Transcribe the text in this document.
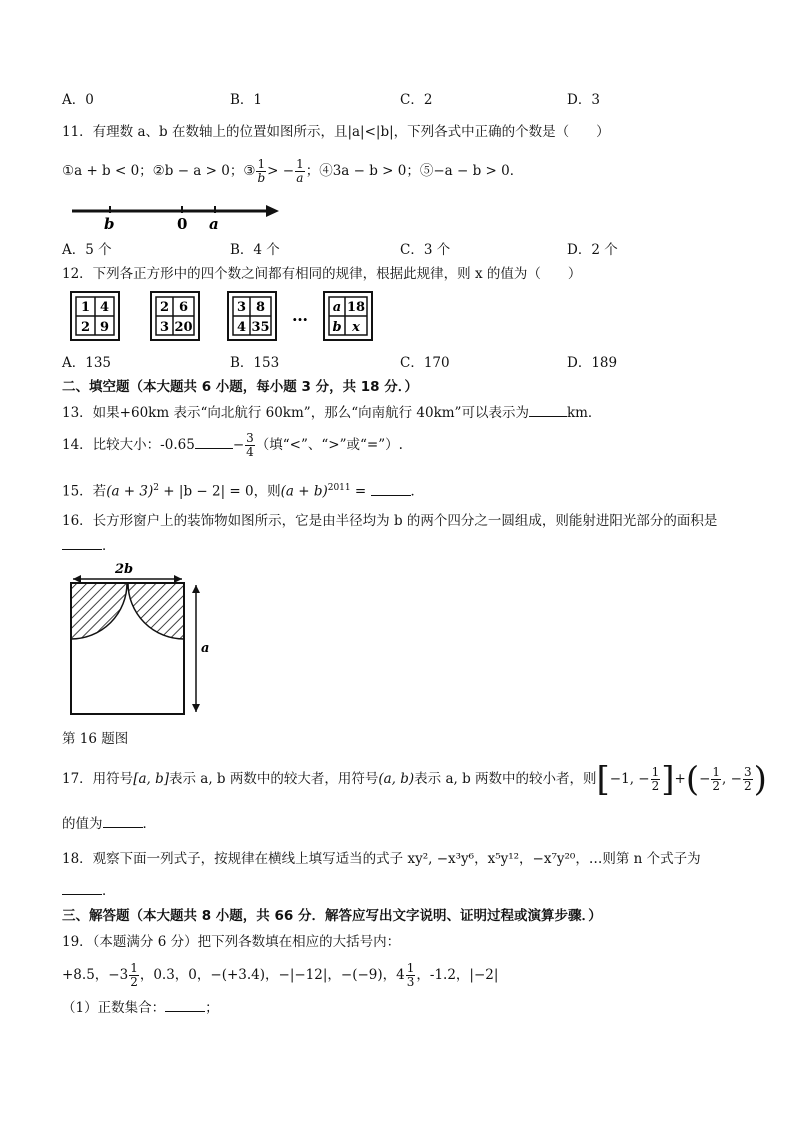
A．0	B．1	C．2	D．3
11．有理数 a、b 在数轴上的位置如图所示，且|a|<|b|，下列各式中正确的个数是（　　）
①a + b < 0；②b − a > 0；③ $\frac{1}{b}$ > − $\frac{1}{a}$ ；④3a − b > 0；⑤−a − b > 0．
b	0 a
A．5 个	B．4 个	C．3 个	D．2 个
12．下列各正方形中的四个数之间都有相同的规律，根据此规律，则 x 的值为（　　）
1 4
2 9
2 6
3 20
3 8
4 35
… a 18
b x
A．135	B．153	C．170	D．189
二、填空题（本大题共 6 小题，每小题 3 分，共 18 分．）
13．如果+60km 表示“向北航行 60km”，那么“向南航行 40km”可以表示为	km．
14．比较大小：-0.65	− $\frac{3}{4}$ （填“<”、“>”或“=”）.
15．若$(a + 3)^2 + |b - 2| = 0$，则$(a + b)^{2011}$ =	．
16．长方形窗户上的装饰物如图所示，它是由半径均为 b 的两个四分之一圆组成，则能射进阳光部分的面积是
．
2b
a
第 16 题图
17．用符号[a, b]表示 a, b 两数中的较大者，用符号(a, b)表示 a, b 两数中的较小者，则[−1, − $\frac{1}{2}$ ]+(− $\frac{1}{2}$ , − $\frac{3}{2}$ )
的值为	．
18．观察下面一列式子，按规律在横线上填写适当的式子 xy², −x³y⁶，x⁵y¹²，−x⁷y²⁰，…则第 n 个式子为
．
三、解答题（本大题共 8 小题，共 66 分．解答应写出文字说明、证明过程或演算步骤．）
19．（本题满分 6 分）把下列各数填在相应的大括号内：
+8.5，$-3 \frac{1}{2}$ ，0.3，0，−(+3.4)，−|−12|，−(−9)，$4 \frac{1}{3}$ ，-1.2，|−2|
（1）正数集合：	；
